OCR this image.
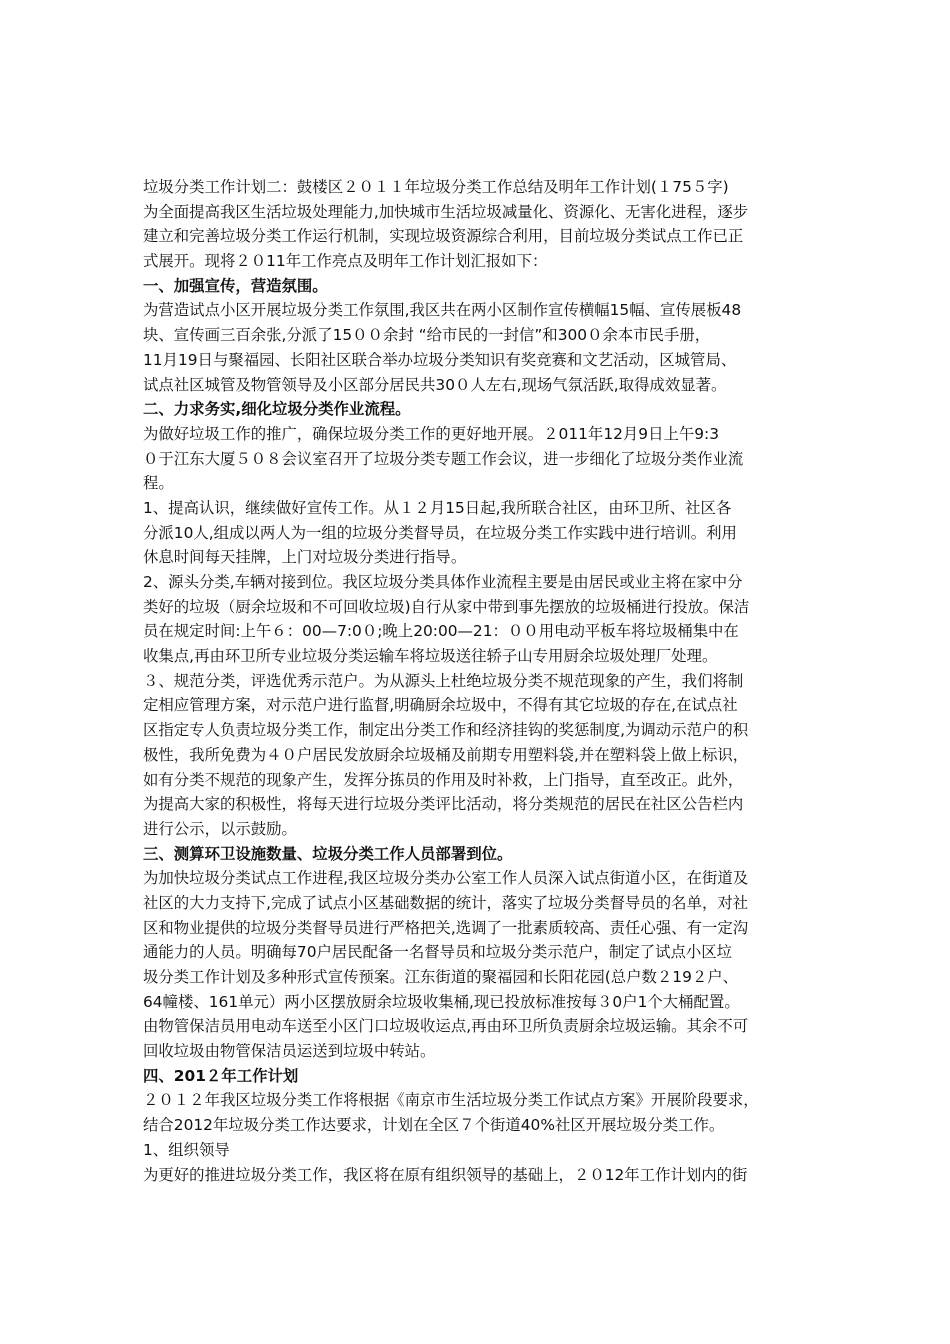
垃圾分类工作计划二：鼓楼区２０１１年垃圾分类工作总结及明年工作计划(１75５字)
为全面提高我区生活垃圾处理能力,加快城市生活垃圾减量化、资源化、无害化进程，逐步
建立和完善垃圾分类工作运行机制，实现垃圾资源综合利用，目前垃圾分类试点工作已正
式展开。现将２０11年工作亮点及明年工作计划汇报如下：
一、加强宣传，营造氛围。
为营造试点小区开展垃圾分类工作氛围,我区共在两小区制作宣传横幅15幅、宣传展板48
块、宣传画三百余张,分派了15００余封 “给市民的一封信”和300０余本市民手册，
11月19日与聚福园、长阳社区联合举办垃圾分类知识有奖竞赛和文艺活动，区城管局、
试点社区城管及物管领导及小区部分居民共30０人左右,现场气氛活跃,取得成效显著。
二、力求务实,细化垃圾分类作业流程。
为做好垃圾工作的推广，确保垃圾分类工作的更好地开展。２011年12月9日上午9:3
０于江东大厦５０８会议室召开了垃圾分类专题工作会议，进一步细化了垃圾分类作业流
程。
1、提高认识，继续做好宣传工作。从１２月15日起,我所联合社区，由环卫所、社区各
分派10人,组成以两人为一组的垃圾分类督导员，在垃圾分类工作实践中进行培训。利用
休息时间每天挂牌，上门对垃圾分类进行指导。
2、源头分类,车辆对接到位。我区垃圾分类具体作业流程主要是由居民或业主将在家中分
类好的垃圾（厨余垃圾和不可回收垃圾)自行从家中带到事先摆放的垃圾桶进行投放。保洁
员在规定时间:上午６：00—7:0０;晚上20:00—21：００用电动平板车将垃圾桶集中在
收集点,再由环卫所专业垃圾分类运输车将垃圾送往轿子山专用厨余垃圾处理厂处理。
３、规范分类，评选优秀示范户。为从源头上杜绝垃圾分类不规范现象的产生，我们将制
定相应管理方案，对示范户进行监督,明确厨余垃圾中，不得有其它垃圾的存在,在试点社
区指定专人负责垃圾分类工作，制定出分类工作和经济挂钩的奖惩制度,为调动示范户的积
极性，我所免费为４０户居民发放厨余垃圾桶及前期专用塑料袋,并在塑料袋上做上标识，
如有分类不规范的现象产生，发挥分拣员的作用及时补救，上门指导，直至改正。此外，
为提高大家的积极性，将每天进行垃圾分类评比活动，将分类规范的居民在社区公告栏内
进行公示，以示鼓励。
三、测算环卫设施数量、垃圾分类工作人员部署到位。
为加快垃圾分类试点工作进程,我区垃圾分类办公室工作人员深入试点街道小区，在街道及
社区的大力支持下,完成了试点小区基础数据的统计，落实了垃圾分类督导员的名单，对社
区和物业提供的垃圾分类督导员进行严格把关,选调了一批素质较高、责任心强、有一定沟
通能力的人员。明确每70户居民配备一名督导员和垃圾分类示范户，制定了试点小区垃
圾分类工作计划及多种形式宣传预案。江东街道的聚福园和长阳花园(总户数２19２户、
64幢楼、161单元）两小区摆放厨余垃圾收集桶,现已投放标准按每３0户1个大桶配置。
由物管保洁员用电动车送至小区门口垃圾收运点,再由环卫所负责厨余垃圾运输。其余不可
回收垃圾由物管保洁员运送到垃圾中转站。
四、201２年工作计划
２０１２年我区垃圾分类工作将根据《南京市生活垃圾分类工作试点方案》开展阶段要求，
结合2012年垃圾分类工作达要求，计划在全区７个街道40%社区开展垃圾分类工作。
1、组织领导
为更好的推进垃圾分类工作，我区将在原有组织领导的基础上，２０12年工作计划内的街
